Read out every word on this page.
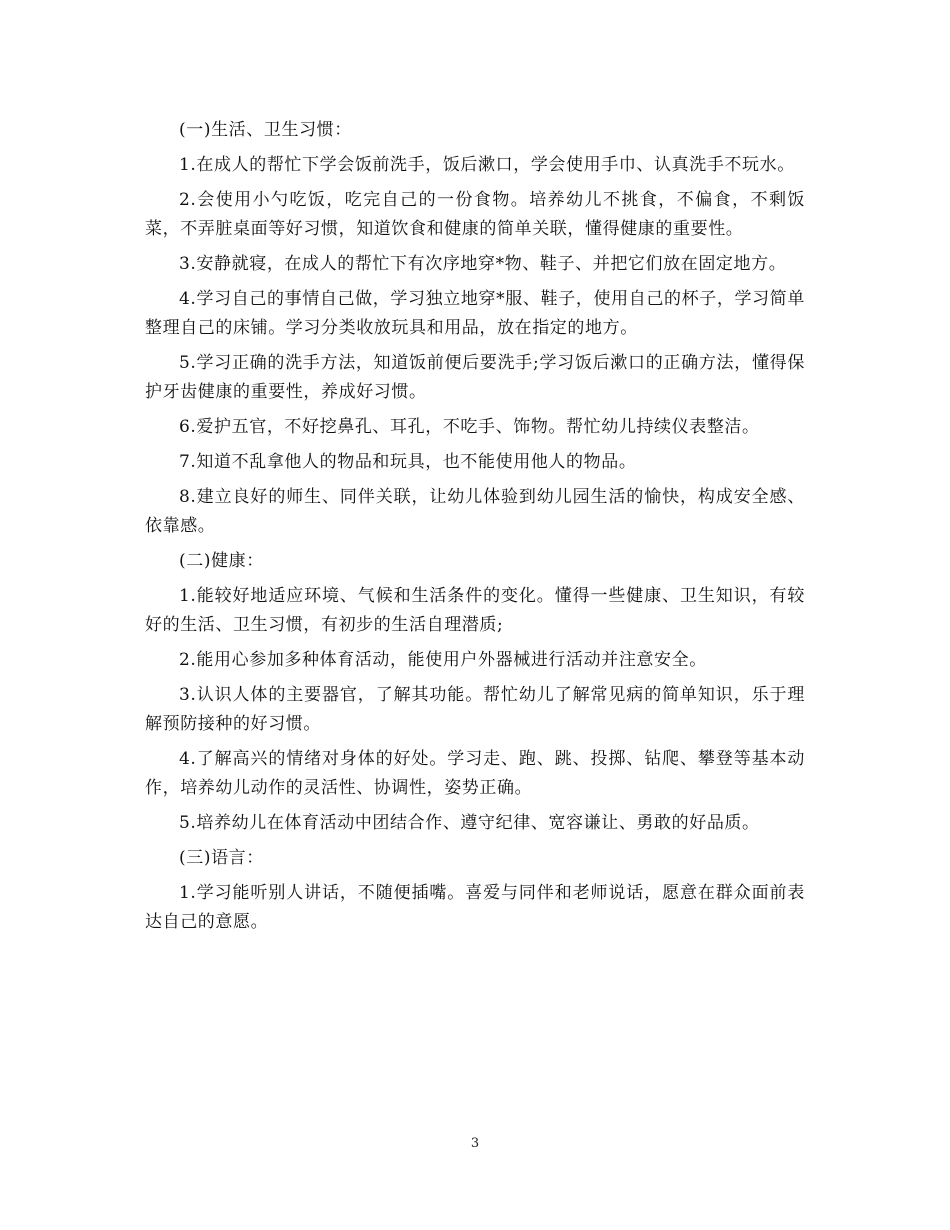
(一)生活、卫生习惯：

1.在成人的帮忙下学会饭前洗手，饭后漱口，学会使用手巾、认真洗手不玩水。

2.会使用小勺吃饭，吃完自己的一份食物。培养幼儿不挑食，不偏食，不剩饭菜，不弄脏桌面等好习惯，知道饮食和健康的简单关联，懂得健康的重要性。

3.安静就寝，在成人的帮忙下有次序地穿*物、鞋子、并把它们放在固定地方。

4.学习自己的事情自己做，学习独立地穿*服、鞋子，使用自己的杯子，学习简单整理自己的床铺。学习分类收放玩具和用品，放在指定的地方。

5.学习正确的洗手方法，知道饭前便后要洗手;学习饭后漱口的正确方法，懂得保护牙齿健康的重要性，养成好习惯。

6.爱护五官，不好挖鼻孔、耳孔，不吃手、饰物。帮忙幼儿持续仪表整洁。

7.知道不乱拿他人的物品和玩具，也不能使用他人的物品。

8.建立良好的师生、同伴关联，让幼儿体验到幼儿园生活的愉快，构成安全感、依靠感。

(二)健康：

1.能较好地适应环境、气候和生活条件的变化。懂得一些健康、卫生知识，有较好的生活、卫生习惯，有初步的生活自理潜质;

2.能用心参加多种体育活动，能使用户外器械进行活动并注意安全。

3.认识人体的主要器官，了解其功能。帮忙幼儿了解常见病的简单知识，乐于理解预防接种的好习惯。

4.了解高兴的情绪对身体的好处。学习走、跑、跳、投掷、钻爬、攀登等基本动作，培养幼儿动作的灵活性、协调性，姿势正确。

5.培养幼儿在体育活动中团结合作、遵守纪律、宽容谦让、勇敢的好品质。

(三)语言：

1.学习能听别人讲话，不随便插嘴。喜爱与同伴和老师说话，愿意在群众面前表达自己的意愿。

3
